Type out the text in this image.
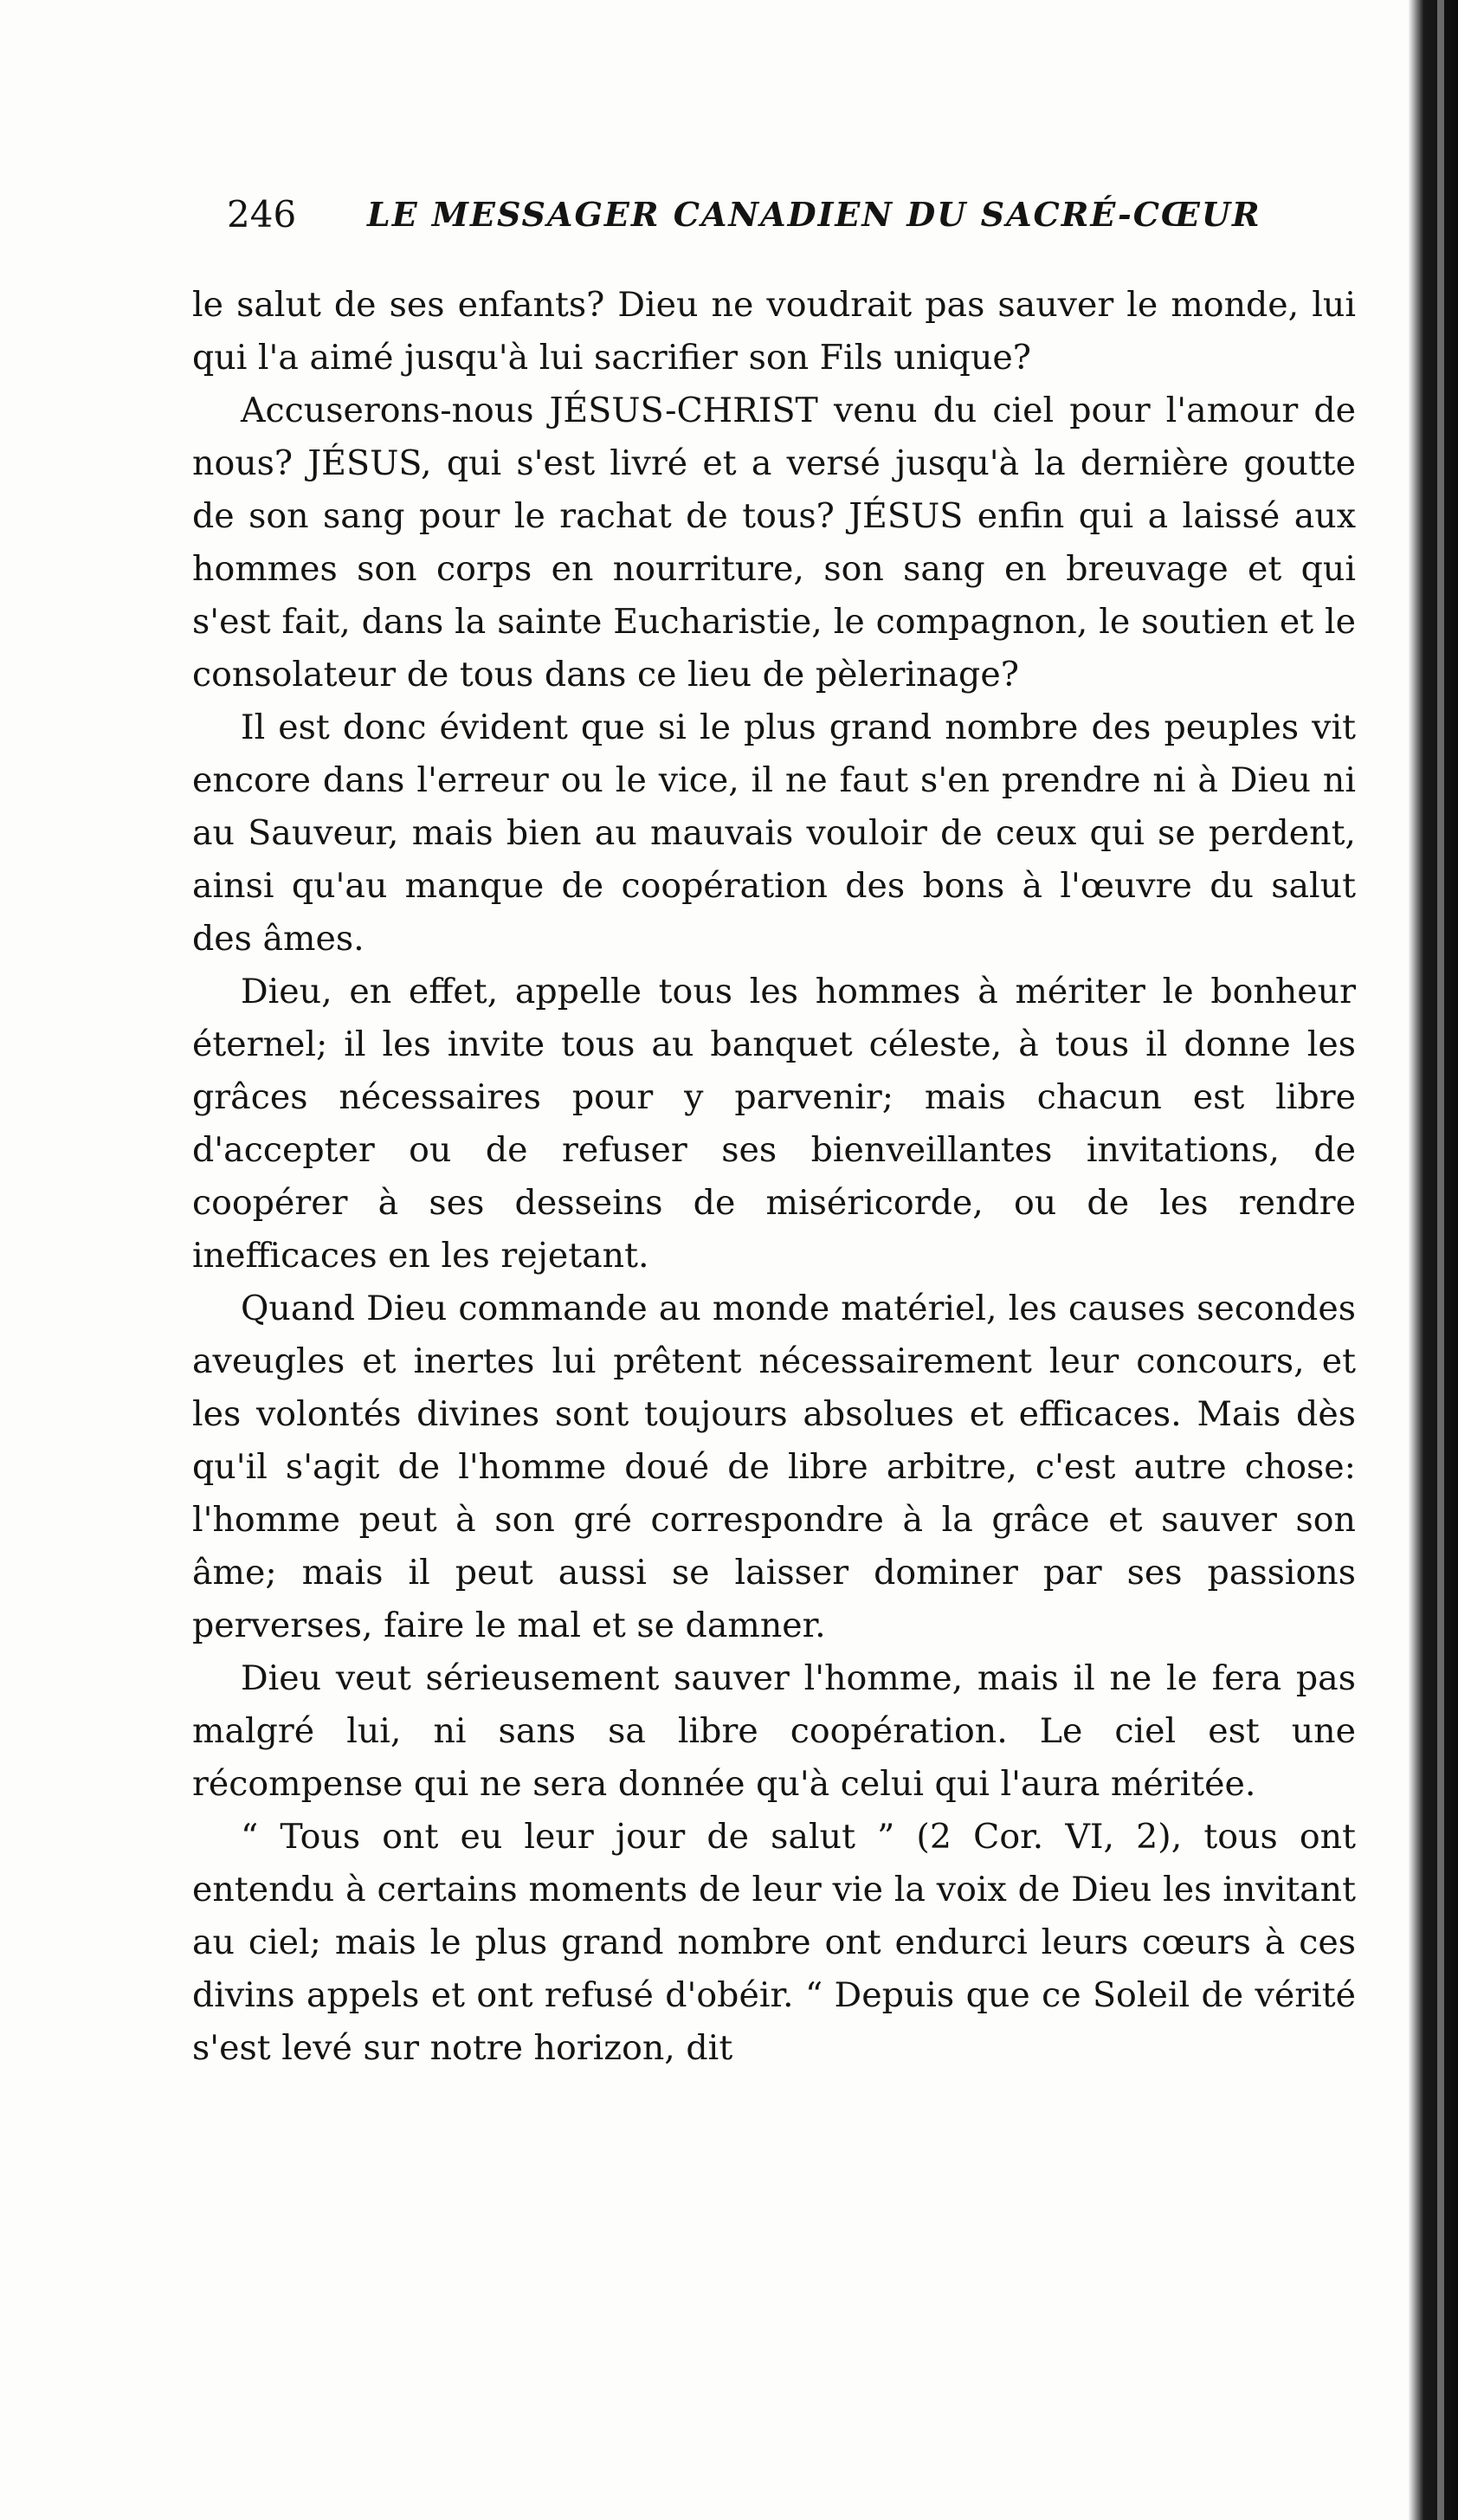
246 LE MESSAGER CANADIEN DU SACRÉ-CŒUR

le salut de ses enfants? Dieu ne voudrait pas sauver le monde, lui qui l'a aimé jusqu'à lui sacrifier son Fils unique?

Accuserons-nous JÉSUS-CHRIST venu du ciel pour l'amour de nous? JÉSUS, qui s'est livré et a versé jusqu'à la dernière goutte de son sang pour le rachat de tous? JÉSUS enfin qui a laissé aux hommes son corps en nourriture, son sang en breuvage et qui s'est fait, dans la sainte Eucharistie, le compagnon, le soutien et le consolateur de tous dans ce lieu de pèlerinage?

Il est donc évident que si le plus grand nombre des peuples vit encore dans l'erreur ou le vice, il ne faut s'en prendre ni à Dieu ni au Sauveur, mais bien au mauvais vouloir de ceux qui se perdent, ainsi qu'au manque de coopération des bons à l'œuvre du salut des âmes.

Dieu, en effet, appelle tous les hommes à mériter le bonheur éternel; il les invite tous au banquet céleste, à tous il donne les grâces nécessaires pour y parvenir; mais chacun est libre d'accepter ou de refuser ses bienveillantes invitations, de coopérer à ses desseins de miséricorde, ou de les rendre inefficaces en les rejetant.

Quand Dieu commande au monde matériel, les causes secondes aveugles et inertes lui prêtent nécessairement leur concours, et les volontés divines sont toujours absolues et efficaces. Mais dès qu'il s'agit de l'homme doué de libre arbitre, c'est autre chose: l'homme peut à son gré correspondre à la grâce et sauver son âme; mais il peut aussi se laisser dominer par ses passions perverses, faire le mal et se damner.

Dieu veut sérieusement sauver l'homme, mais il ne le fera pas malgré lui, ni sans sa libre coopération. Le ciel est une récompense qui ne sera donnée qu'à celui qui l'aura méritée.

“ Tous ont eu leur jour de salut ” (2 Cor. VI, 2), tous ont entendu à certains moments de leur vie la voix de Dieu les invitant au ciel; mais le plus grand nombre ont endurci leurs cœurs à ces divins appels et ont refusé d'obéir. “ Depuis que ce Soleil de vérité s'est levé sur notre horizon, dit
